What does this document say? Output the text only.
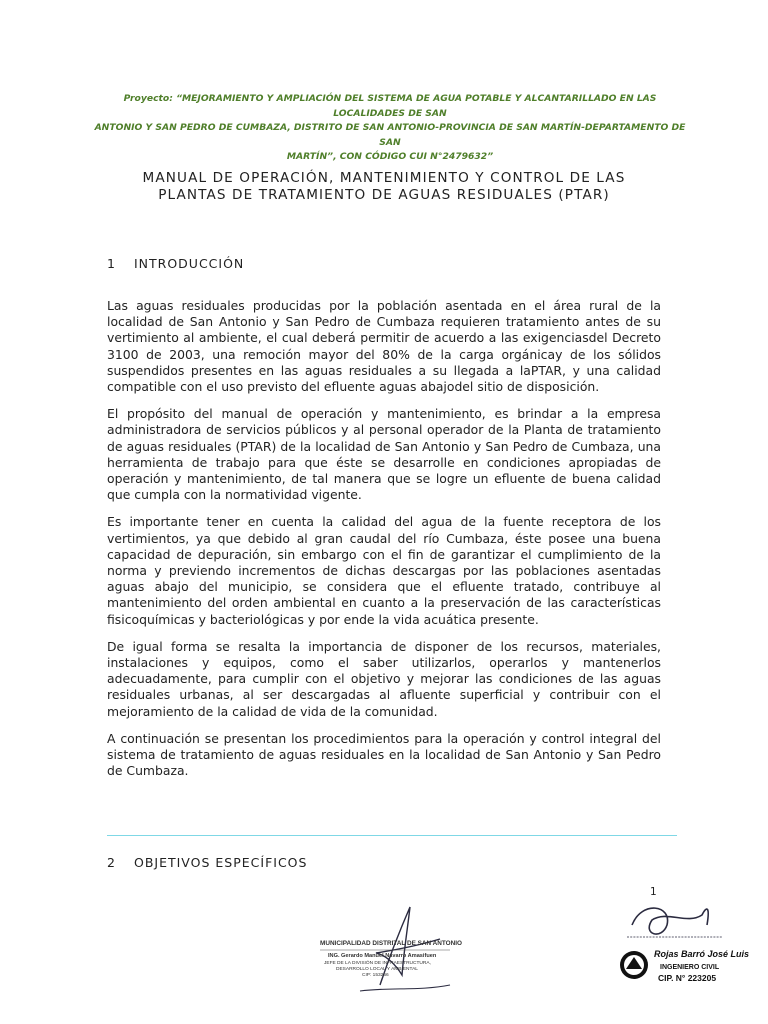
Proyecto: “MEJORAMIENTO Y AMPLIACIÓN DEL SISTEMA DE AGUA POTABLE Y ALCANTARILLADO EN LAS LOCALIDADES DE SAN
ANTONIO Y SAN PEDRO DE CUMBAZA, DISTRITO DE SAN ANTONIO-PROVINCIA DE SAN MARTÍN-DEPARTAMENTO DE SAN
MARTÍN”, CON CÓDIGO CUI N°2479632”
MANUAL DE OPERACIÓN, MANTENIMIENTO Y CONTROL DE LAS
PLANTAS DE TRATAMIENTO DE AGUAS RESIDUALES (PTAR)
1 INTRODUCCIÓN

Las aguas residuales producidas por la población asentada en el área rural de la localidad de San Antonio y San Pedro de Cumbaza requieren tratamiento antes de su vertimiento al ambiente, el cual deberá permitir de acuerdo a las exigenciasdel Decreto 3100 de 2003, una remoción mayor del 80% de la carga orgánicay de los sólidos suspendidos presentes en las aguas residuales a su llegada a laPTAR, y una calidad compatible con el uso previsto del efluente aguas abajodel sitio de disposición.

El propósito del manual de operación y mantenimiento, es brindar a la empresa administradora de servicios públicos y al personal operador de la Planta de tratamiento de aguas residuales (PTAR) de la localidad de San Antonio y San Pedro de Cumbaza, una herramienta de trabajo para que éste se desarrolle en condiciones apropiadas de operación y mantenimiento, de tal manera que se logre un efluente de buena calidad que cumpla con la normatividad vigente.

Es importante tener en cuenta la calidad del agua de la fuente receptora de los vertimientos, ya que debido al gran caudal del río Cumbaza, éste posee una buena capacidad de depuración, sin embargo con el fin de garantizar el cumplimiento de la norma y previendo incrementos de dichas descargas por las poblaciones asentadas aguas abajo del municipio, se considera que el efluente tratado, contribuye al mantenimiento del orden ambiental en cuanto a la preservación de las características fisicoquímicas y bacteriológicas y por ende la vida acuática presente.

De igual forma se resalta la importancia de disponer de los recursos, materiales, instalaciones y equipos, como el saber utilizarlos, operarlos y mantenerlos adecuadamente, para cumplir con el objetivo y mejorar las condiciones de las aguas residuales urbanas, al ser descargadas al afluente superficial y contribuir con el mejoramiento de la calidad de vida de la comunidad.

A continuación se presentan los procedimientos para la operación y control integral del sistema de tratamiento de aguas residuales en la localidad de San Antonio y San Pedro de Cumbaza.

2 OBJETIVOS ESPECÍFICOS
1
MUNICIPALIDAD DISTRITAL DE SAN ANTONIO
ING. Gerardo Manuel Navarro Amasifuen
JEFE DE LA DIVISIÓN DE INFRAESTRUCTURA,
DESARROLLO LOCAL Y AMBIENTAL
CIP: 153266
Rojas Barró José Luis
INGENIERO CIVIL
CIP. N° 223205
